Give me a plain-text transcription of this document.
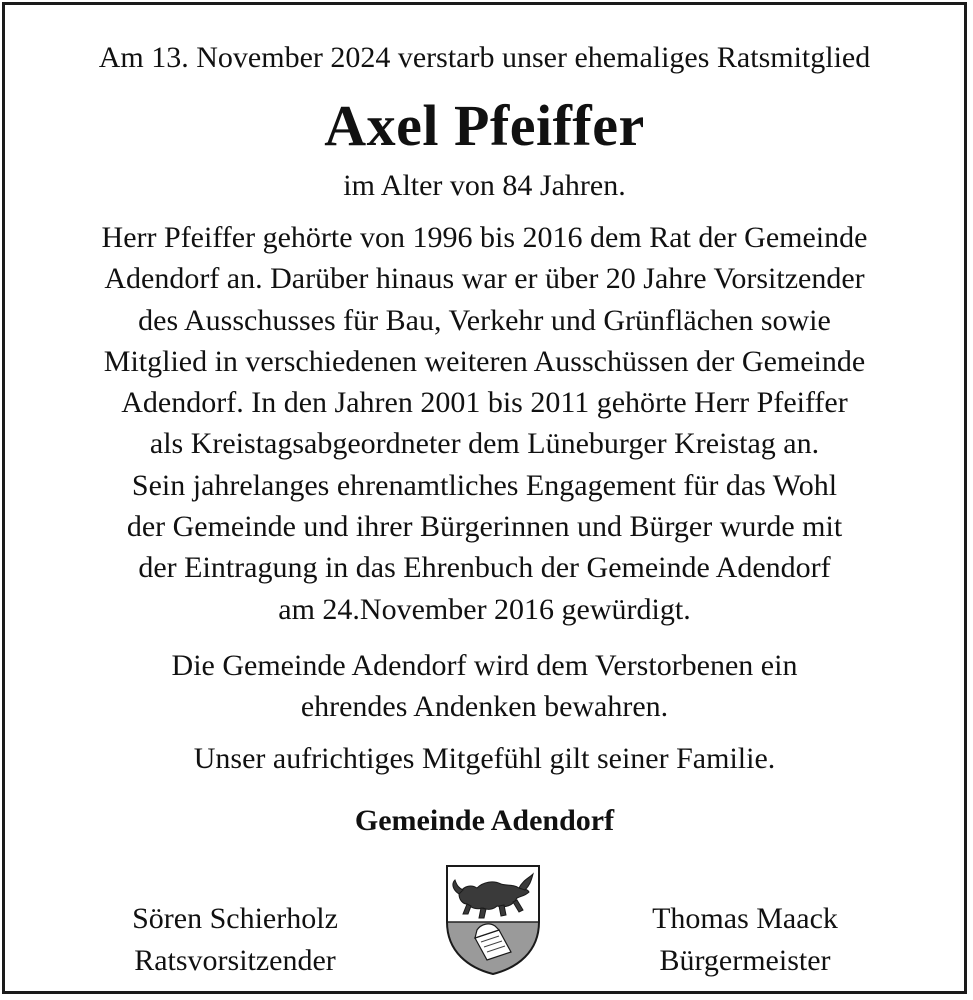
Am 13. November 2024 verstarb unser ehemaliges Ratsmitglied
Axel Pfeiffer
im Alter von 84 Jahren.
Herr Pfeiffer gehörte von 1996 bis 2016 dem Rat der Gemeinde
Adendorf an. Darüber hinaus war er über 20 Jahre Vorsitzender
des Ausschusses für Bau, Verkehr und Grünflächen sowie
Mitglied in verschiedenen weiteren Ausschüssen der Gemeinde
Adendorf. In den Jahren 2001 bis 2011 gehörte Herr Pfeiffer
als Kreistagsabgeordneter dem Lüneburger Kreistag an.
Sein jahrelanges ehrenamtliches Engagement für das Wohl
der Gemeinde und ihrer Bürgerinnen und Bürger wurde mit
der Eintragung in das Ehrenbuch der Gemeinde Adendorf
am 24.November 2016 gewürdigt.
Die Gemeinde Adendorf wird dem Verstorbenen ein
ehrendes Andenken bewahren.
Unser aufrichtiges Mitgefühl gilt seiner Familie.
Gemeinde Adendorf
Sören Schierholz
Ratsvorsitzender
Thomas Maack
Bürgermeister
